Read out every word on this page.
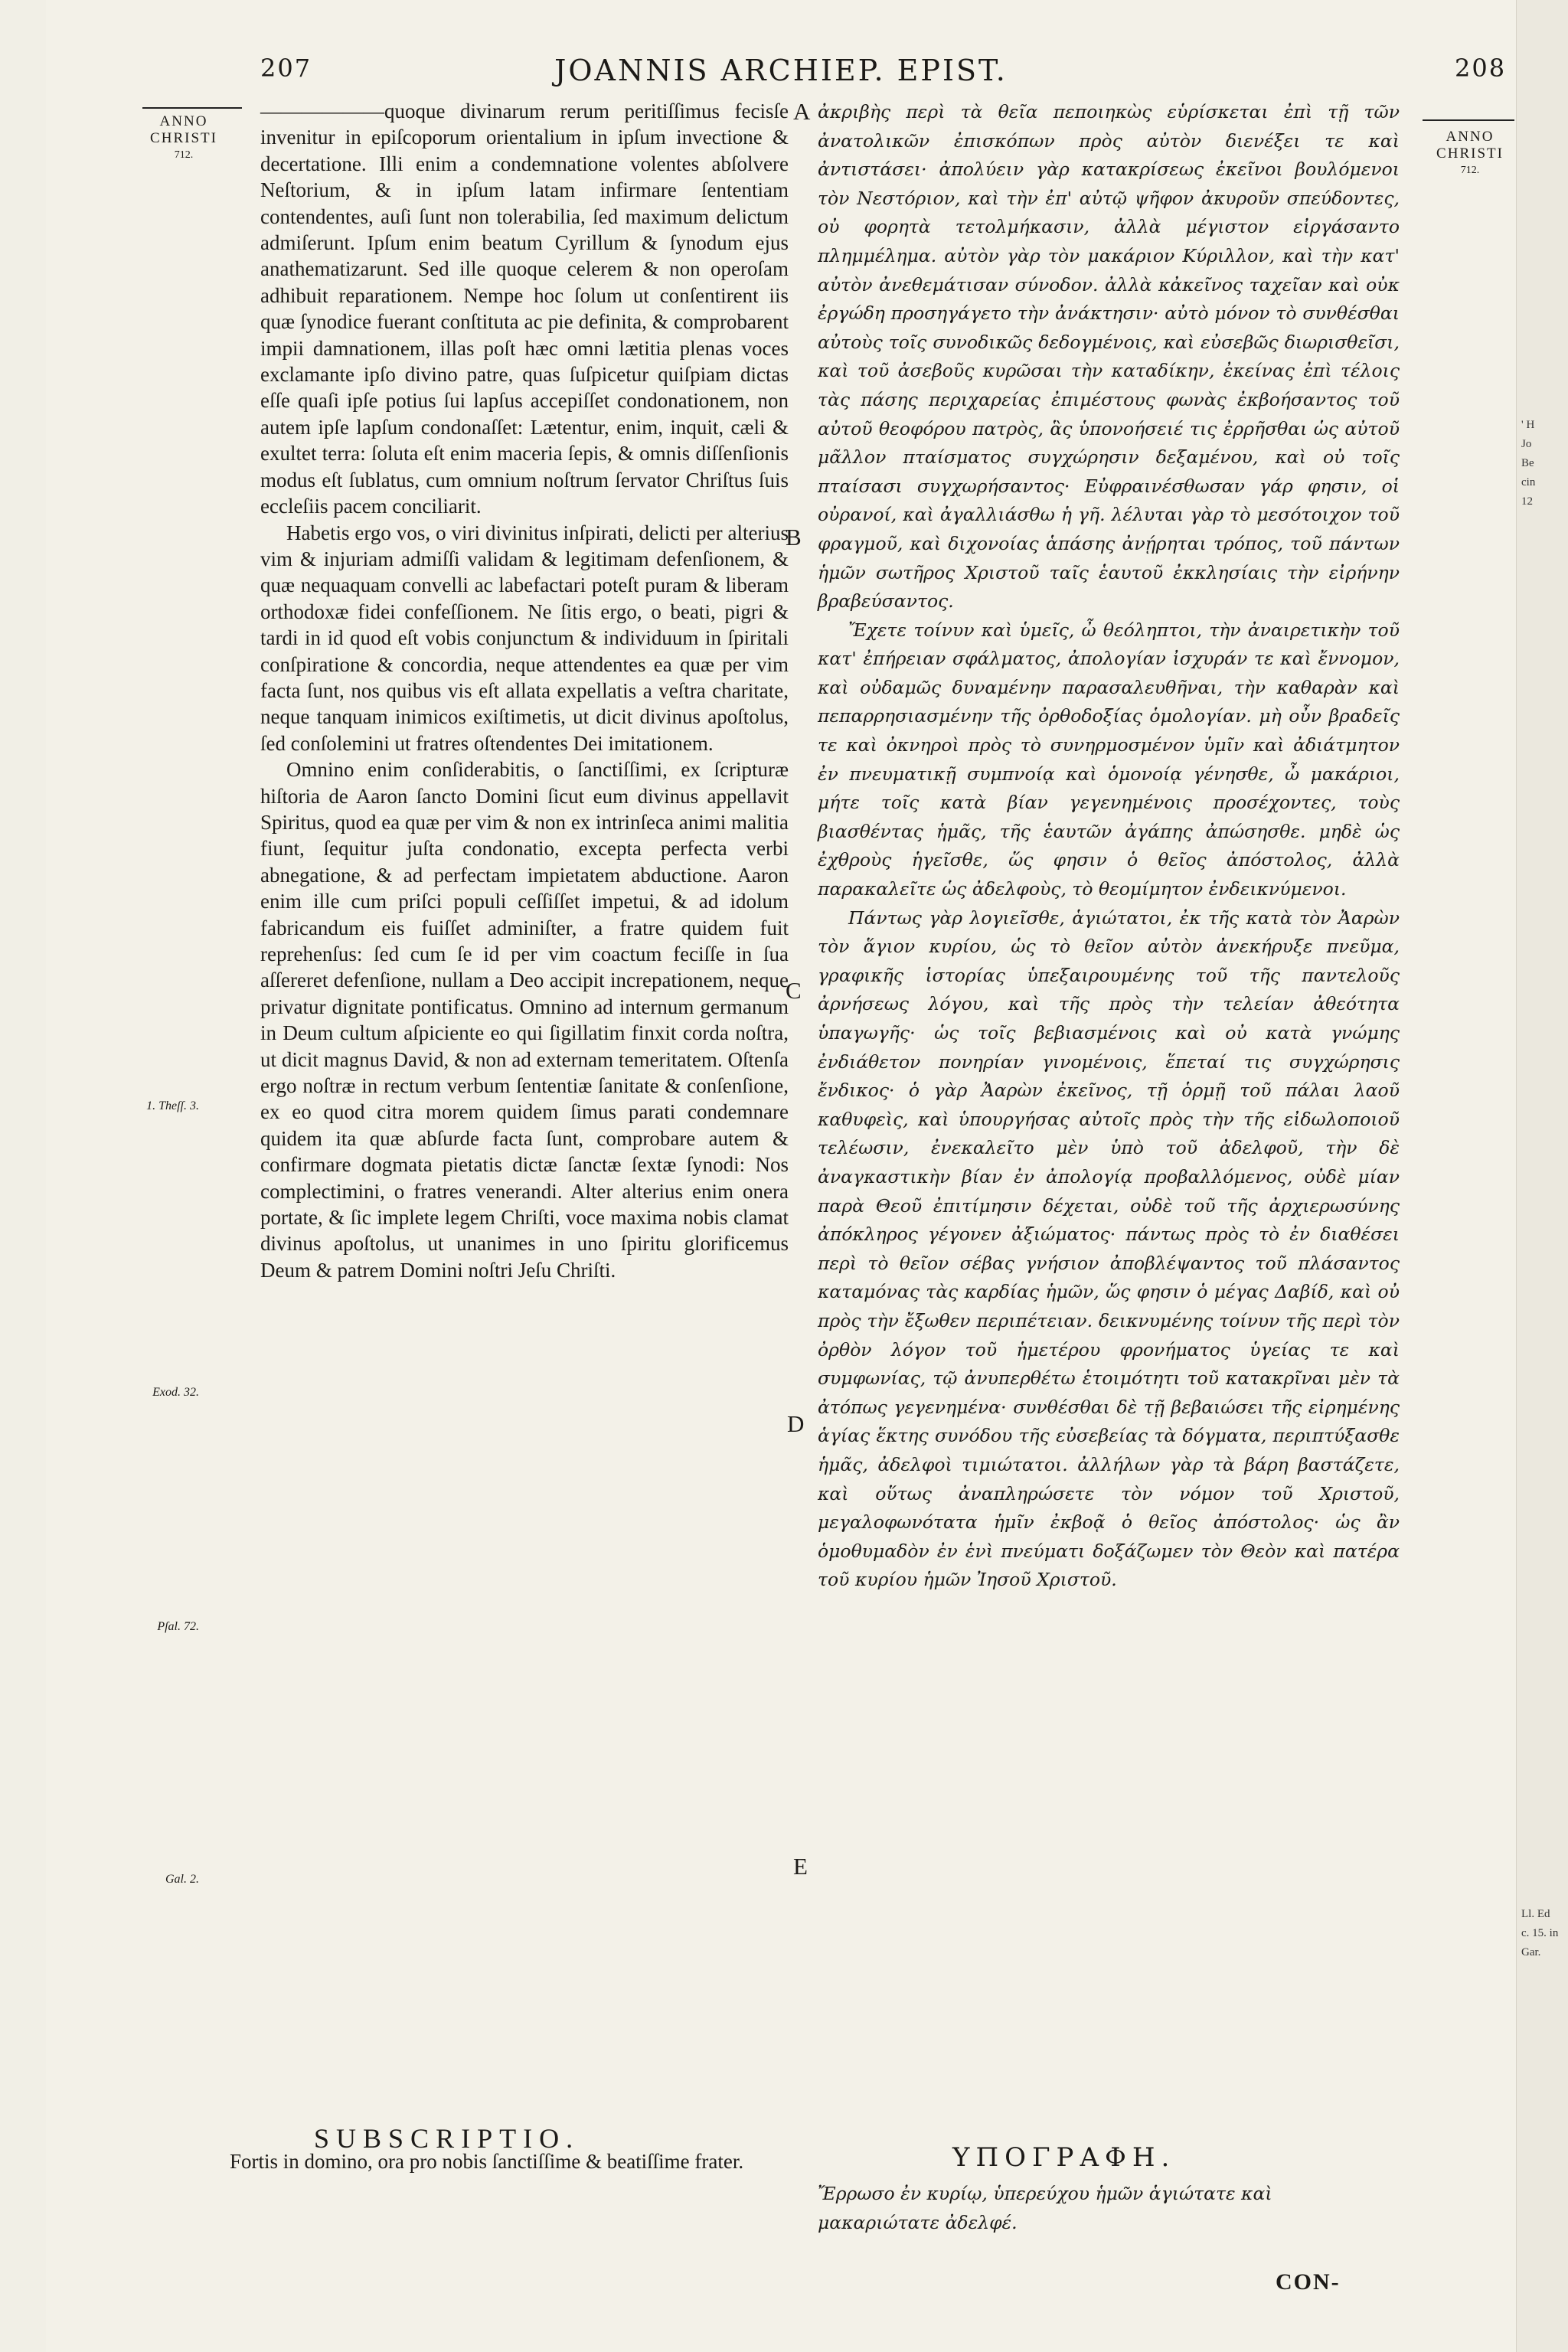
' H
Jo
Be
cin
12
Ll. Ed
c. 15. in
Gar.
207	JOANNIS ARCHIEP. EPIST.	208
ANNO
CHRISTI
712.
ANNO
CHRISTI
712.
1. Theſſ. 3.
Exod. 32.
Pſal. 72.
Gal. 2.

——————quoque divinarum rerum peritiſſimus fecisſe invenitur in epiſcoporum orientalium in ipſum invectione & decertatione. Illi enim a condemnatione volentes abſolvere Neſtorium, & in ipſum latam infirmare ſententiam contendentes, auſi ſunt non tolerabilia, ſed maximum delictum admiſerunt. Ipſum enim beatum Cyrillum & ſynodum ejus anathematizarunt. Sed ille quoque celerem & non operoſam adhibuit reparationem. Nempe hoc ſolum ut conſentirent iis quæ ſynodice fuerant conſtituta ac pie definita, & comprobarent impii damnationem, illas poſt hæc omni lætitia plenas voces exclamante ipſo divino patre, quas ſuſpicetur quiſpiam dictas eſſe quaſi ipſe potius ſui lapſus accepiſſet condonationem, non autem ipſe lapſum condonaſſet: Lætentur, enim, inquit, cæli & exultet terra: ſoluta eſt enim maceria ſepis, & omnis diſſenſionis modus eſt ſublatus, cum omnium noſtrum ſervator Chriſtus ſuis eccleſiis pacem conciliarit.

Habetis ergo vos, o viri divinitus inſpirati, delicti per alterius vim & injuriam admiſſi validam & legitimam defenſionem, & quæ nequaquam convelli ac labefactari poteſt puram & liberam orthodoxæ fidei confeſſionem. Ne ſitis ergo, o beati, pigri & tardi in id quod eſt vobis conjunctum & individuum in ſpiritali conſpiratione & concordia, neque attendentes ea quæ per vim facta ſunt, nos quibus vis eſt allata expellatis a veſtra charitate, neque tanquam inimicos exiſtimetis, ut dicit divinus apoſtolus, ſed conſolemini ut fratres oſtendentes Dei imitationem.

Omnino enim conſiderabitis, o ſanctiſſimi, ex ſcripturæ hiſtoria de Aaron ſancto Domini ſicut eum divinus appellavit Spiritus, quod ea quæ per vim & non ex intrinſeca animi malitia fiunt, ſequitur juſta condonatio, excepta perfecta verbi abnegatione, & ad perfectam impietatem abductione. Aaron enim ille cum priſci populi ceſſiſſet impetui, & ad idolum fabricandum eis fuiſſet adminiſter, a fratre quidem fuit reprehenſus: ſed cum ſe id per vim coactum feciſſe in ſua aſſereret defenſione, nullam a Deo accipit increpationem, neque privatur dignitate pontificatus. Omnino ad internum germanum in Deum cultum aſpiciente eo qui ſigillatim finxit corda noſtra, ut dicit magnus David, & non ad externam temeritatem. Oſtenſa ergo noſtræ in rectum verbum ſententiæ ſanitate & conſenſione, ex eo quod citra morem quidem ſimus parati condemnare quidem ita quæ abſurde facta ſunt, comprobare autem & confirmare dogmata pietatis dictæ ſanctæ ſextæ ſynodi: Nos complectimini, o fratres venerandi. Alter alterius enim onera portate, & ſic implete legem Chriſti, voce maxima nobis clamat divinus apoſtolus, ut unanimes in uno ſpiritu glorificemus Deum & patrem Domini noſtri Jeſu Chriſti.

A
B
C
D
E

ἀκριβὴς περὶ τὰ θεῖα πεποιηκὼς εὑρίσκεται ἐπὶ τῇ τῶν ἀνατολικῶν ἐπισκόπων πρὸς αὐτὸν διενέξει τε καὶ ἀντιστάσει· ἀπολύειν γὰρ κατακρίσεως ἐκεῖνοι βουλόμενοι τὸν Νεστόριον, καὶ τὴν ἐπ' αὐτῷ ψῆφον ἀκυροῦν σπεύδοντες, οὐ φορητὰ τετολμήκασιν, ἀλλὰ μέγιστον εἰργάσαντο πλημμέλημα. αὐτὸν γὰρ τὸν μακάριον Κύριλλον, καὶ τὴν κατ' αὐτὸν ἀνεθεμάτισαν σύνοδον. ἀλλὰ κἀκεῖνος ταχεῖαν καὶ οὐκ ἐργώδη προσηγάγετο τὴν ἀνάκτησιν· αὐτὸ μόνον τὸ συνθέσθαι αὐτοὺς τοῖς συνοδικῶς δεδογμένοις, καὶ εὐσεβῶς διωρισθεῖσι, καὶ τοῦ ἀσεβοῦς κυρῶσαι τὴν καταδίκην, ἐκείνας ἐπὶ τέλοις τὰς πάσης περιχαρείας ἐπιμέστους φωνὰς ἐκβοήσαντος τοῦ αὐτοῦ θεοφόρου πατρὸς, ἃς ὑπονοήσειέ τις ἐρρῆσθαι ὡς αὐτοῦ μᾶλλον πταίσματος συγχώρησιν δεξαμένου, καὶ οὐ τοῖς πταίσασι συγχωρήσαντος· Εὐφραινέσθωσαν γάρ φησιν, οἱ οὐρανοί, καὶ ἀγαλλιάσθω ἡ γῆ. λέλυται γὰρ τὸ μεσότοιχον τοῦ φραγμοῦ, καὶ διχονοίας ἁπάσης ἀνῄρηται τρόπος, τοῦ πάντων ἡμῶν σωτῆρος Χριστοῦ ταῖς ἑαυτοῦ ἐκκλησίαις τὴν εἰρήνην βραβεύσαντος.

Ἔχετε τοίνυν καὶ ὑμεῖς, ὦ θεόληπτοι, τὴν ἀναιρετικὴν τοῦ κατ' ἐπήρειαν σφάλματος, ἀπολογίαν ἰσχυράν τε καὶ ἔννομον, καὶ οὐδαμῶς δυναμένην παρασαλευθῆναι, τὴν καθαρὰν καὶ πεπαρρησιασμένην τῆς ὀρθοδοξίας ὁμολογίαν. μὴ οὖν βραδεῖς τε καὶ ὀκνηροὶ πρὸς τὸ συνηρμοσμένον ὑμῖν καὶ ἀδιάτμητον ἐν πνευματικῇ συμπνοίᾳ καὶ ὁμονοίᾳ γένησθε, ὦ μακάριοι, μήτε τοῖς κατὰ βίαν γεγενημένοις προσέχοντες, τοὺς βιασθέντας ἡμᾶς, τῆς ἑαυτῶν ἀγάπης ἀπώσησθε. μηδὲ ὡς ἐχθροὺς ἡγεῖσθε, ὥς φησιν ὁ θεῖος ἀπόστολος, ἀλλὰ παρακαλεῖτε ὡς ἀδελφοὺς, τὸ θεομίμητον ἐνδεικνύμενοι.

Πάντως γὰρ λογιεῖσθε, ἁγιώτατοι, ἐκ τῆς κατὰ τὸν Ἀαρὼν τὸν ἅγιον κυρίου, ὡς τὸ θεῖον αὐτὸν ἀνεκήρυξε πνεῦμα, γραφικῆς ἱστορίας ὑπεξαιρουμένης τοῦ τῆς παντελοῦς ἀρνήσεως λόγου, καὶ τῆς πρὸς τὴν τελείαν ἀθεότητα ὑπαγωγῆς· ὡς τοῖς βεβιασμένοις καὶ οὐ κατὰ γνώμης ἐνδιάθετον πονηρίαν γινομένοις, ἕπεταί τις συγχώρησις ἔνδικος· ὁ γὰρ Ἀαρὼν ἐκεῖνος, τῇ ὁρμῇ τοῦ πάλαι λαοῦ καθυφεὶς, καὶ ὑπουργήσας αὐτοῖς πρὸς τὴν τῆς εἰδωλοποιοῦ τελέωσιν, ἐνεκαλεῖτο μὲν ὑπὸ τοῦ ἀδελφοῦ, τὴν δὲ ἀναγκαστικὴν βίαν ἐν ἀπολογίᾳ προβαλλόμενος, οὐδὲ μίαν παρὰ Θεοῦ ἐπιτίμησιν δέχεται, οὐδὲ τοῦ τῆς ἀρχιερωσύνης ἀπόκληρος γέγονεν ἀξιώματος· πάντως πρὸς τὸ ἐν διαθέσει περὶ τὸ θεῖον σέβας γνήσιον ἀποβλέψαντος τοῦ πλάσαντος καταμόνας τὰς καρδίας ἡμῶν, ὥς φησιν ὁ μέγας Δαβίδ, καὶ οὐ πρὸς τὴν ἔξωθεν περιπέτειαν. δεικνυμένης τοίνυν τῆς περὶ τὸν ὀρθὸν λόγον τοῦ ἡμετέρου φρονήματος ὑγείας τε καὶ συμφωνίας, τῷ ἀνυπερθέτω ἑτοιμότητι τοῦ κατακρῖναι μὲν τὰ ἀτόπως γεγενημένα· συνθέσθαι δὲ τῇ βεβαιώσει τῆς εἰρημένης ἁγίας ἕκτης συνόδου τῆς εὐσεβείας τὰ δόγματα, περιπτύξασθε ἡμᾶς, ἀδελφοὶ τιμιώτατοι. ἀλλήλων γὰρ τὰ βάρη βαστάζετε, καὶ οὕτως ἀναπληρώσετε τὸν νόμον τοῦ Χριστοῦ, μεγαλοφωνότατα ἡμῖν ἐκβοᾷ ὁ θεῖος ἀπόστολος· ὡς ἂν ὁμοθυμαδὸν ἐν ἑνὶ πνεύματι δοξάζωμεν τὸν Θεὸν καὶ πατέρα τοῦ κυρίου ἡμῶν Ἰησοῦ Χριστοῦ.

SUBSCRIPTIO.
Fortis in domino, ora pro nobis ſanctiſſime & beatiſſime frater.	ΥΠΟΓΡΑΦΗ.
Ἔρρωσο ἐν κυρίῳ, ὑπερεύχου ἡμῶν ἁγιώτατε καὶ μακαριώτατε ἀδελφέ.
CON-
